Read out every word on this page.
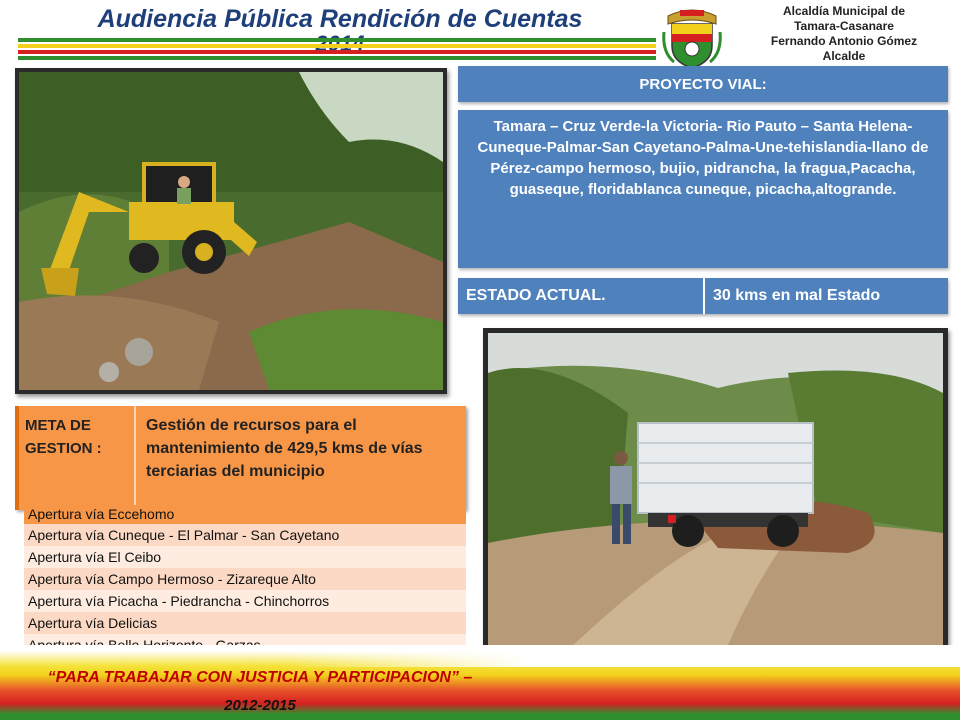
Audiencia Pública Rendición de Cuentas	Alcaldía Municipal de
Tamara-Casanare
Fernando Antonio Gómez
Alcalde
PROYECTO VIAL:
Tamara – Cruz Verde-la Victoria- Rio Pauto – Santa Helena- Cuneque-Palmar-San Cayetano-Palma-Une-tehislandia-llano de Pérez-campo hermoso, bujio, pidrancha, la fragua,Pacacha, guaseque, floridablanca cuneque, picacha,altogrande.
ESTADO ACTUAL.	30 kms en mal Estado
META DE GESTION :
Gestión de recursos para el mantenimiento de 429,5 kms de vías terciarias del municipio
Apertura vía Eccehomo
Apertura vía Cuneque - El Palmar - San Cayetano
Apertura vía El Ceibo
Apertura vía Campo Hermoso - Zizareque Alto
Apertura vía Picacha - Piedrancha - Chinchorros
Apertura vía Delicias
“PARA TRABAJAR CON JUSTICIA Y PARTICIPACION” –
2012-2015
